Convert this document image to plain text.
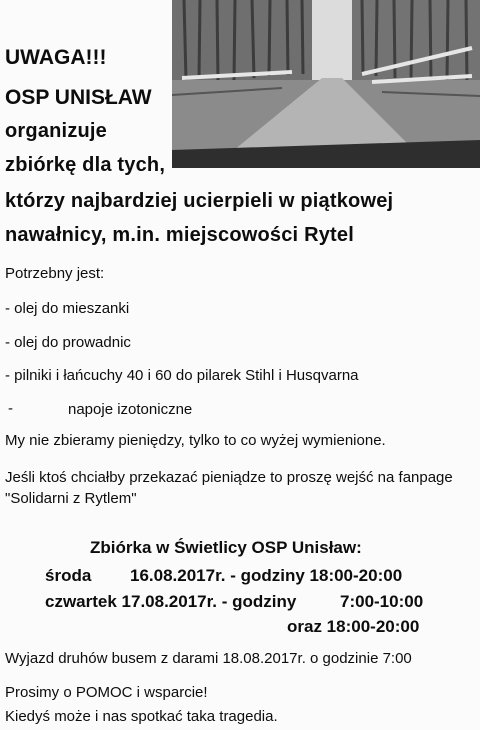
UWAGA!!!
OSP UNISŁAW
organizuje
zbiórkę dla tych,
którzy najbardziej ucierpieli w piątkowej
nawałnicy, m.in. miejscowości Rytel
Potrzebny jest:
- olej do mieszanki
- olej do prowadnic
- pilniki i łańcuchy 40 i 60 do pilarek Stihl i Husqvarna
-	napoje izotoniczne
My nie zbieramy pieniędzy, tylko to co wyżej wymienione.
Jeśli ktoś chciałby przekazać pieniądze to proszę wejść na fanpage
"Solidarni z Rytlem"
Zbiórka w Świetlicy OSP Unisław:
środa 16.08.2017r. - godziny 18:00-20:00
czwartek 17.08.2017r. - godziny	7:00-10:00
oraz 18:00-20:00
Wyjazd druhów busem z darami 18.08.2017r. o godzinie 7:00
Prosimy o POMOC i wsparcie!
Kiedyś może i nas spotkać taka tragedia.
